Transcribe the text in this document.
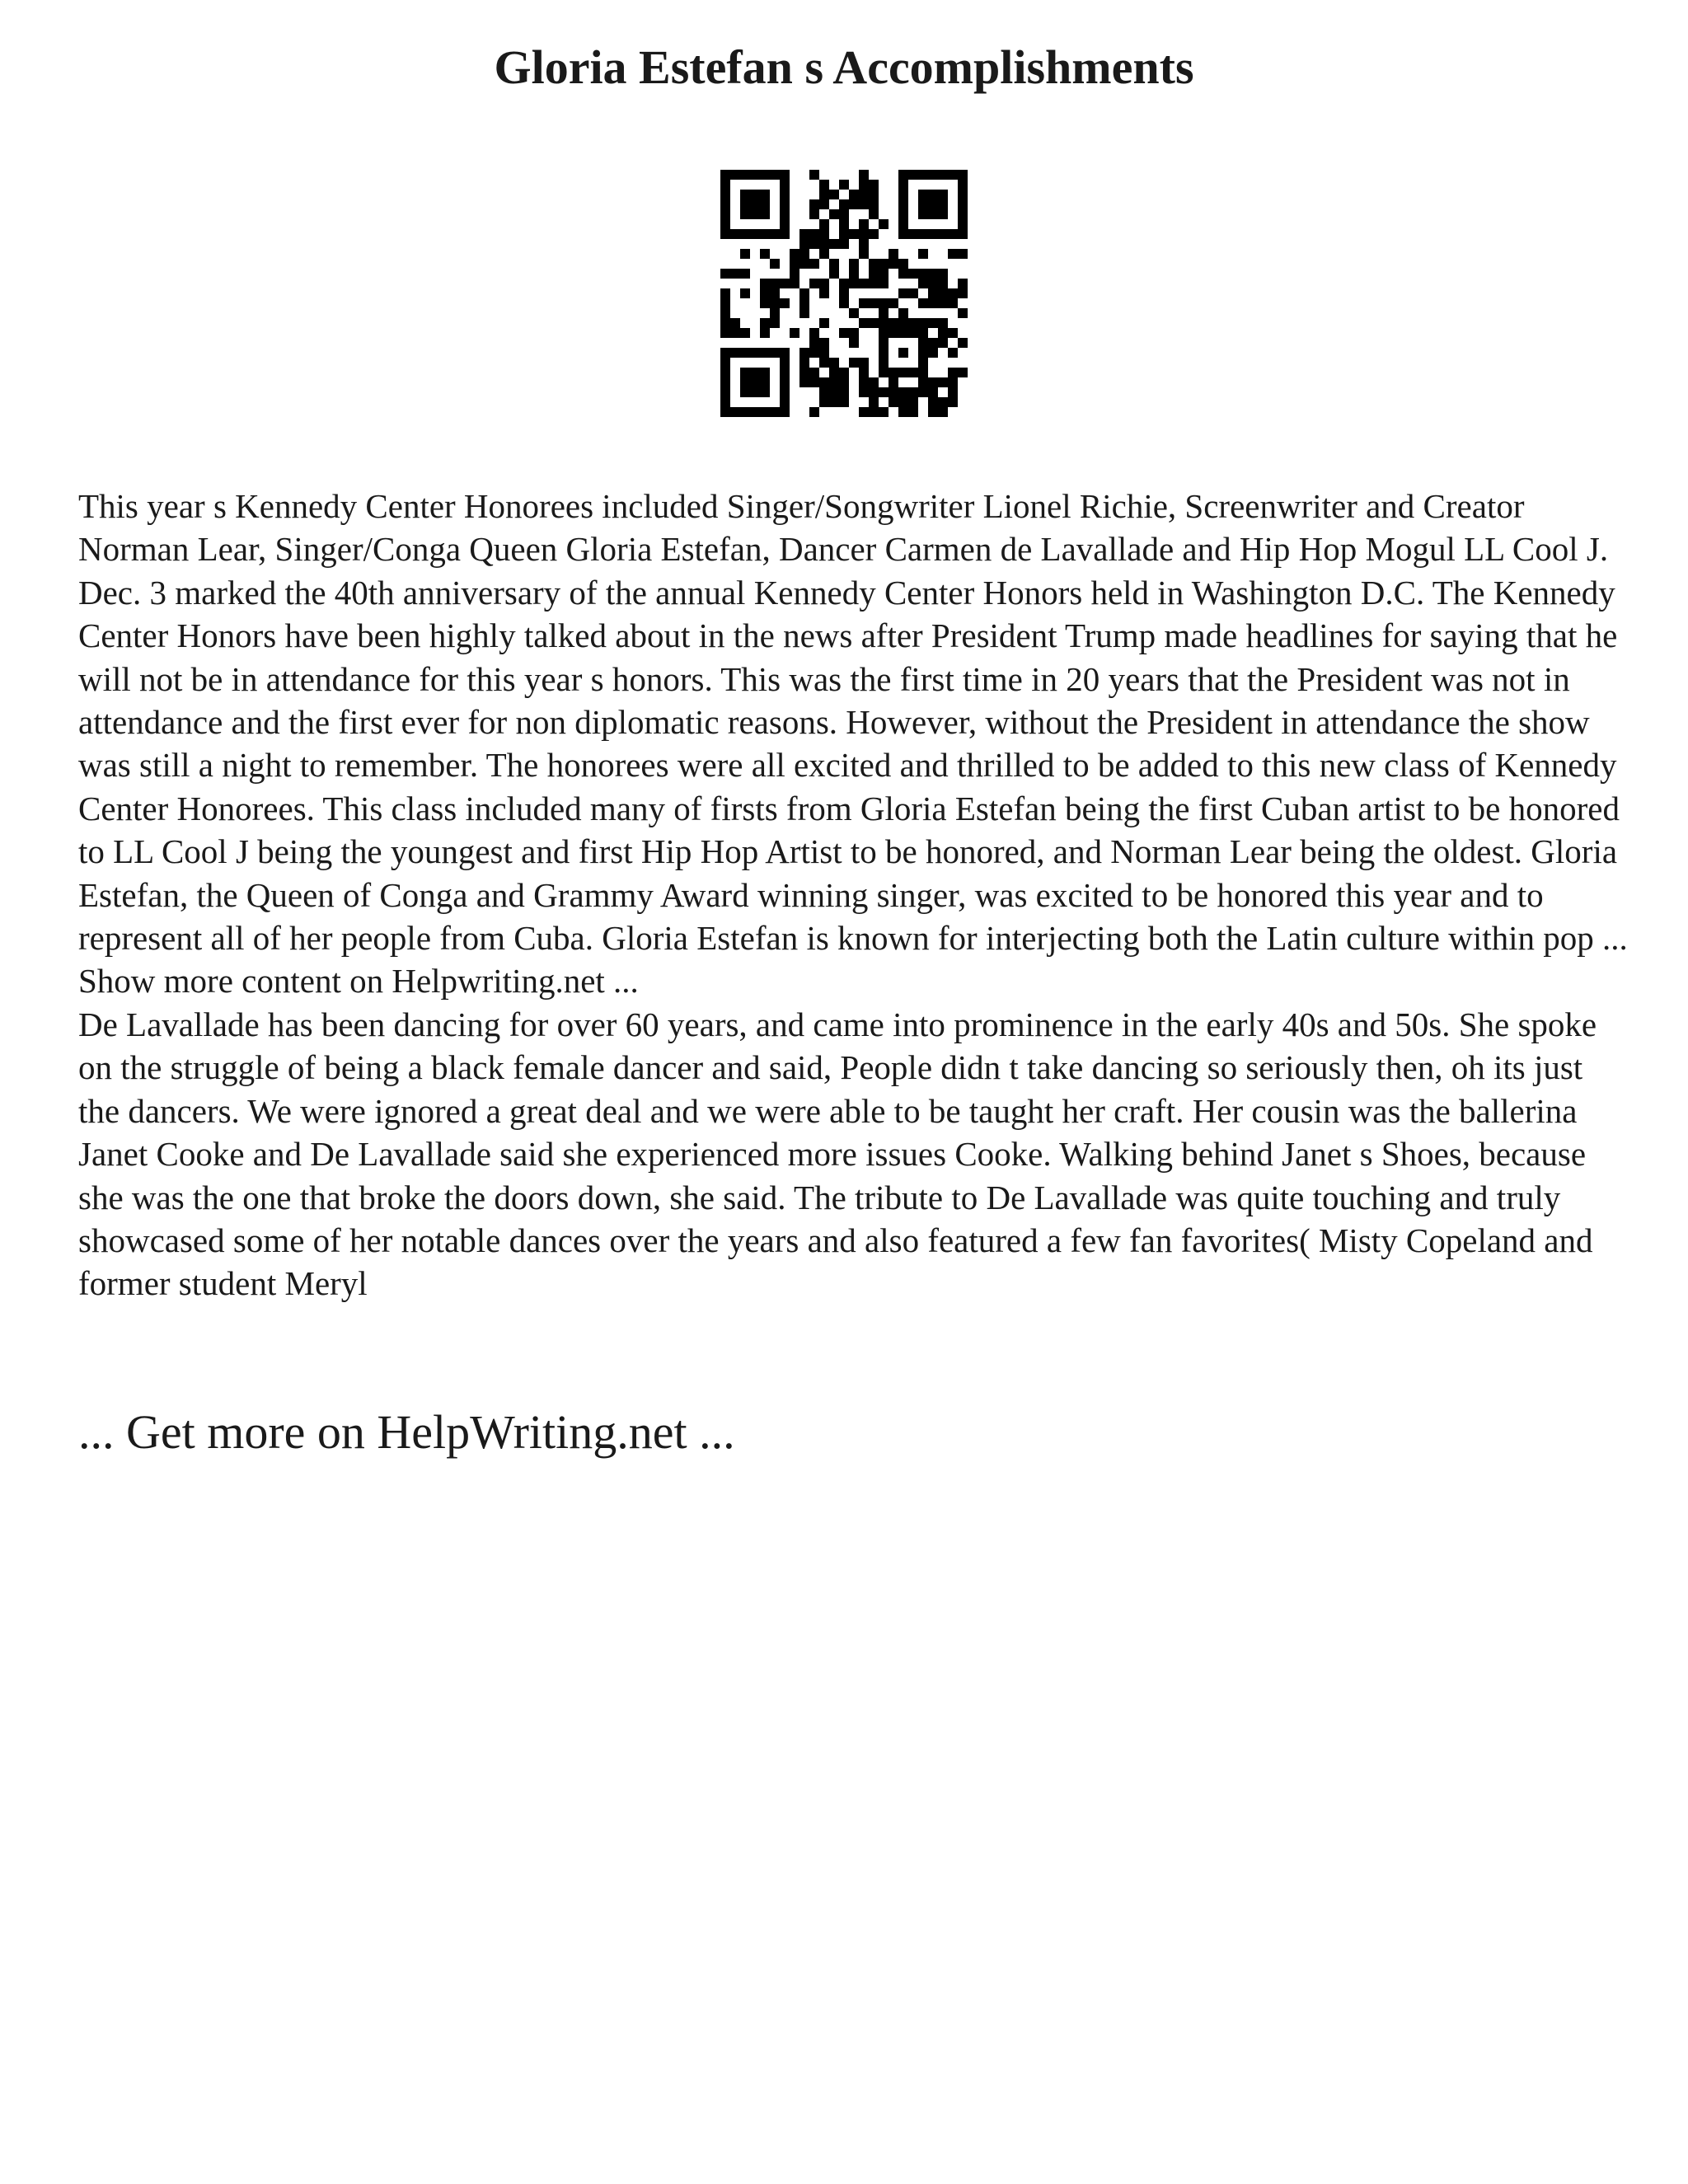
Gloria Estefan s Accomplishments

This year s Kennedy Center Honorees included Singer/Songwriter Lionel Richie, Screenwriter and Creator Norman Lear, Singer/Conga Queen Gloria Estefan, Dancer Carmen de Lavallade and Hip Hop Mogul LL Cool J. Dec. 3 marked the 40th anniversary of the annual Kennedy Center Honors held in Washington D.C. The Kennedy Center Honors have been highly talked about in the news after President Trump made headlines for saying that he will not be in attendance for this year s honors. This was the first time in 20 years that the President was not in attendance and the first ever for non diplomatic reasons. However, without the President in attendance the show was still a night to remember. The honorees were all excited and thrilled to be added to this new class of Kennedy Center Honorees. This class included many of firsts from Gloria Estefan being the first Cuban artist to be honored to LL Cool J being the youngest and first Hip Hop Artist to be honored, and Norman Lear being the oldest. Gloria Estefan, the Queen of Conga and Grammy Award winning singer, was excited to be honored this year and to represent all of her people from Cuba. Gloria Estefan is known for interjecting both the Latin culture within pop ... Show more content on Helpwriting.net ...

De Lavallade has been dancing for over 60 years, and came into prominence in the early 40s and 50s. She spoke on the struggle of being a black female dancer and said, People didn t take dancing so seriously then, oh its just the dancers. We were ignored a great deal and we were able to be taught her craft. Her cousin was the ballerina Janet Cooke and De Lavallade said she experienced more issues Cooke. Walking behind Janet s Shoes, because she was the one that broke the doors down, she said. The tribute to De Lavallade was quite touching and truly showcased some of her notable dances over the years and also featured a few fan favorites( Misty Copeland and former student Meryl

... Get more on HelpWriting.net ...
